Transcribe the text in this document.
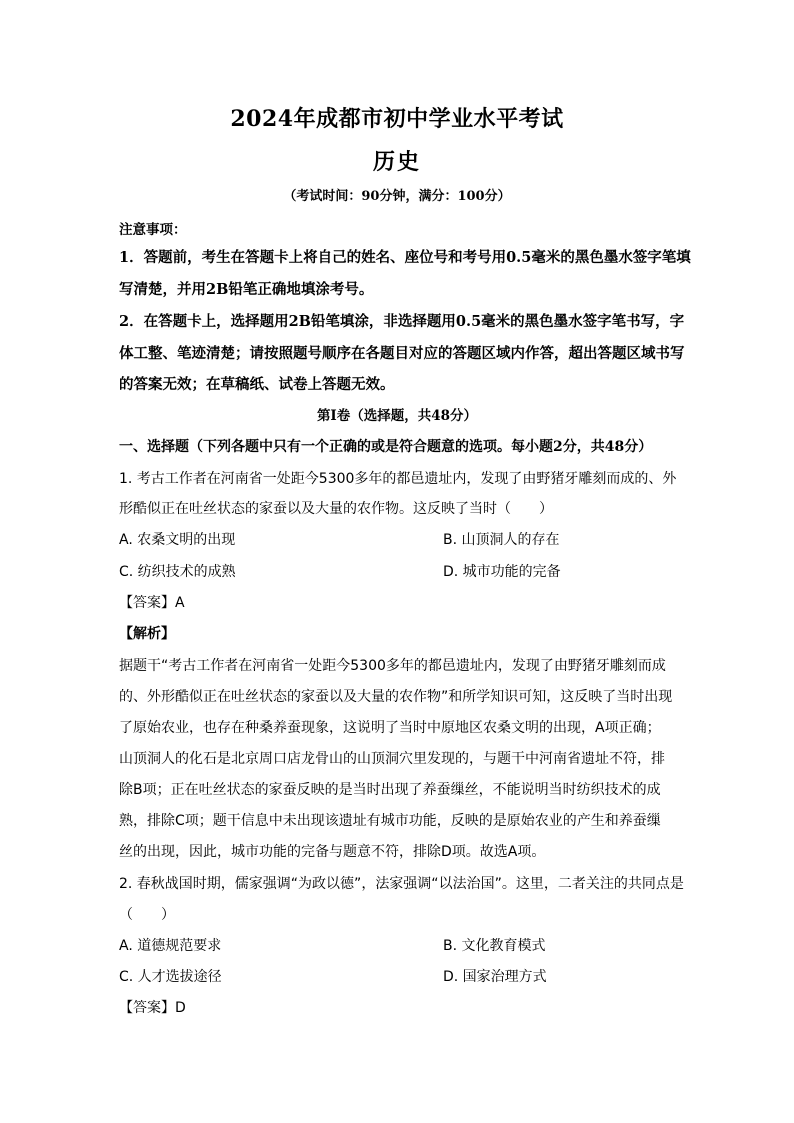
2024年成都市初中学业水平考试
历史
（考试时间：90分钟，满分：100分）
注意事项：
1．答题前，考生在答题卡上将自己的姓名、座位号和考号用0.5毫米的黑色墨水签字笔填
写清楚，并用2B铅笔正确地填涂考号。
2．在答题卡上，选择题用2B铅笔填涂，非选择题用0.5毫米的黑色墨水签字笔书写，字
体工整、笔迹清楚；请按照题号顺序在各题目对应的答题区域内作答，超出答题区域书写
的答案无效；在草稿纸、试卷上答题无效。
第Ⅰ卷（选择题，共48分）
一、选择题（下列各题中只有一个正确的或是符合题意的选项。每小题2分，共48分）
1. 考古工作者在河南省一处距今5300多年的都邑遗址内，发现了由野猪牙雕刻而成的、外
形酷似正在吐丝状态的家蚕以及大量的农作物。这反映了当时（　　）
A. 农桑文明的出现	B. 山顶洞人的存在
C. 纺织技术的成熟	D. 城市功能的完备
【答案】A
【解析】
据题干“考古工作者在河南省一处距今5300多年的都邑遗址内，发现了由野猪牙雕刻而成
的、外形酷似正在吐丝状态的家蚕以及大量的农作物”和所学知识可知，这反映了当时出现
了原始农业，也存在种桑养蚕现象，这说明了当时中原地区农桑文明的出现，A项正确；
山顶洞人的化石是北京周口店龙骨山的山顶洞穴里发现的，与题干中河南省遗址不符，排
除B项；正在吐丝状态的家蚕反映的是当时出现了养蚕缫丝，不能说明当时纺织技术的成
熟，排除C项；题干信息中未出现该遗址有城市功能，反映的是原始农业的产生和养蚕缫
丝的出现，因此，城市功能的完备与题意不符，排除D项。故选A项。
2. 春秋战国时期，儒家强调“为政以德”，法家强调“以法治国”。这里，二者关注的共同点是
（　　）
A. 道德规范要求	B. 文化教育模式
C. 人才选拔途径	D. 国家治理方式
【答案】D
